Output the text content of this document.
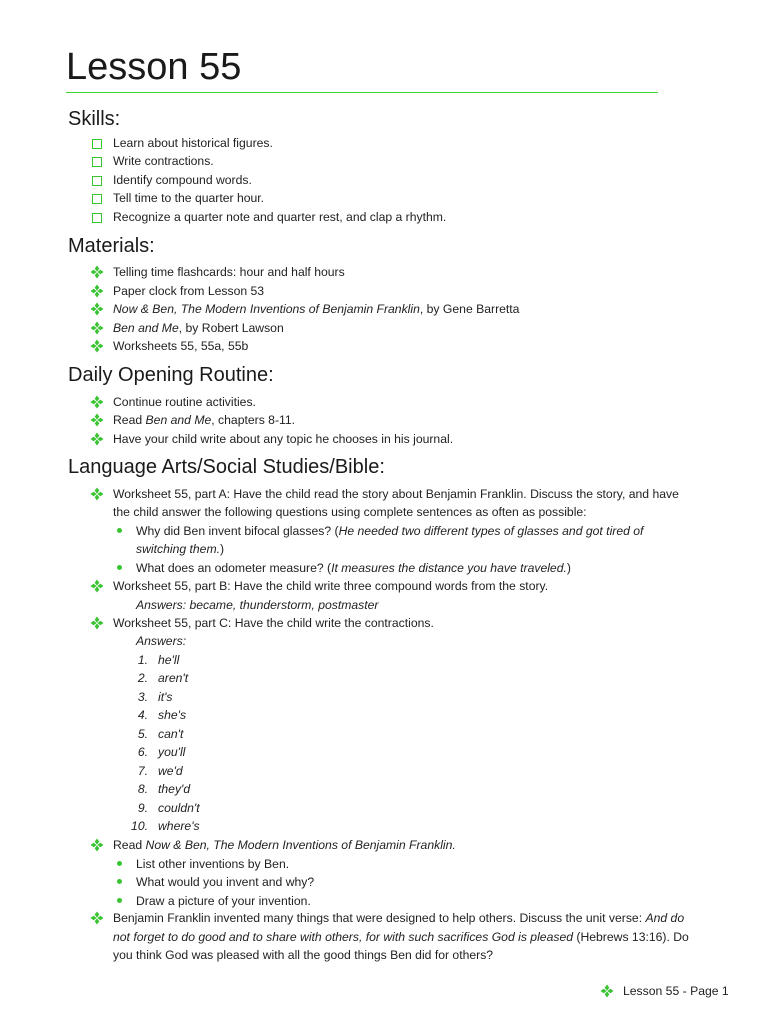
Lesson 55
Skills:
Learn about historical figures.
Write contractions.
Identify compound words.
Tell time to the quarter hour.
Recognize a quarter note and quarter rest, and clap a rhythm.
Materials:
Telling time flashcards: hour and half hours
Paper clock from Lesson 53
Now & Ben, The Modern Inventions of Benjamin Franklin, by Gene Barretta
Ben and Me, by Robert Lawson
Worksheets 55, 55a, 55b
Daily Opening Routine:
Continue routine activities.
Read Ben and Me, chapters 8-11.
Have your child write about any topic he chooses in his journal.
Language Arts/Social Studies/Bible:
Worksheet 55, part A: Have the child read the story about Benjamin Franklin. Discuss the story, and have
the child answer the following questions using complete sentences as often as possible:
Why did Ben invent bifocal glasses? (He needed two different types of glasses and got tired of
switching them.)
What does an odometer measure? (It measures the distance you have traveled.)
Worksheet 55, part B: Have the child write three compound words from the story.
Answers: became, thunderstorm, postmaster
Worksheet 55, part C: Have the child write the contractions.
Answers:
1. he'll
2. aren't
3. it's
4. she's
5. can't
6. you'll
7. we'd
8. they'd
9. couldn't
10. where's
Read Now & Ben, The Modern Inventions of Benjamin Franklin.
List other inventions by Ben.
What would you invent and why?
Draw a picture of your invention.
Benjamin Franklin invented many things that were designed to help others. Discuss the unit verse: And do
not forget to do good and to share with others, for with such sacrifices God is pleased (Hebrews 13:16). Do
you think God was pleased with all the good things Ben did for others?
Lesson 55 - Page 1
